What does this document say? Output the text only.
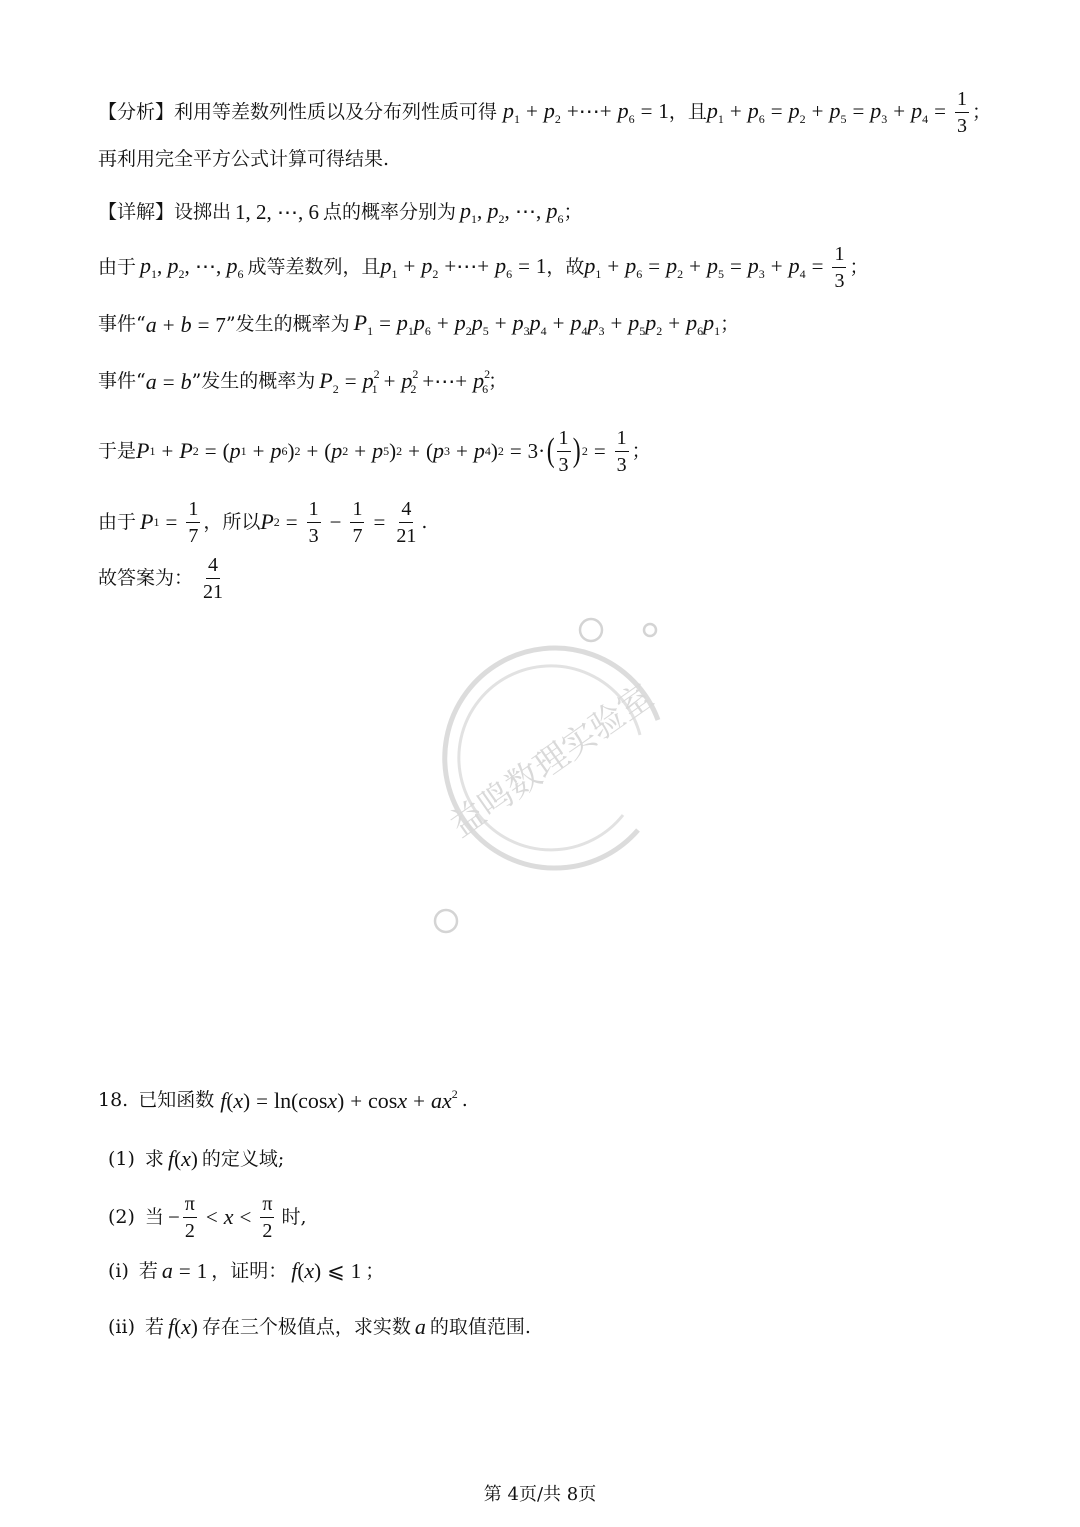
【分析】 利用等差数列性质以及分布列性质可得 $p_1 + p_2$ +⋯+ $p_6 = 1$ ，且 $p_1 + p_6 = p_2 + p_5 = p_3 + p_4 = \frac{1}{3}$ ；
再利用完全平方公式计算可得结果.
【详解】 设掷出 1, 2, ⋯, 6 点的概率分别为 $p_1$, $p_2$, ⋯, $p_6$ ；
由于 $p_1$, $p_2$, ⋯, $p_6$ 成等差数列，且 $p_1 + p_2$ +⋯+ $p_6 = 1$ ，故 $p_1 + p_6 = p_2 + p_5 = p_3 + p_4 = \frac{1}{3}$ ；
事件“ a + b = 7 ”发生的概率为 $P_1 = p_1p_6 + p_2p_5 + p_3p_4 + p_4p_3 + p_5p_2 + p_6p_1$ ；
事件“ a = b ”发生的概率为 $P_2 = p^2_1 + p^2_2$ +⋯+ $p^2_6$ ；
于是 P 1 + P 2 = ( p 1 + p 6 ) 2 + ( p 2 + p 5 ) 2 + ( p 3 + p 4 ) 2 = 3· ( $\frac{1}{3}$ ) $2 = \frac{1}{3}$ ；
由于 P $1 = \frac{1}{7}$ ，所以 P $2 = \frac{1}{3} - \frac{1}{7} = \frac{4}{21}$ .
故答案为： $\frac{4}{21}$
益鸣数理实验室
18. 已知函数 $f(x) = \ln(\cos x) + \cos x + ax^2$ .
(1) 求 f(x) 的定义域;
(2) 当 − $\frac{\pi}{2} < x < \frac{\pi}{2}$ 时,
(i) 若 a = 1 ，证明： f(x) ⩽ 1 ；
(ii) 若 f(x) 存在三个极值点，求实数 a 的取值范围.
第 4页/共 8页
